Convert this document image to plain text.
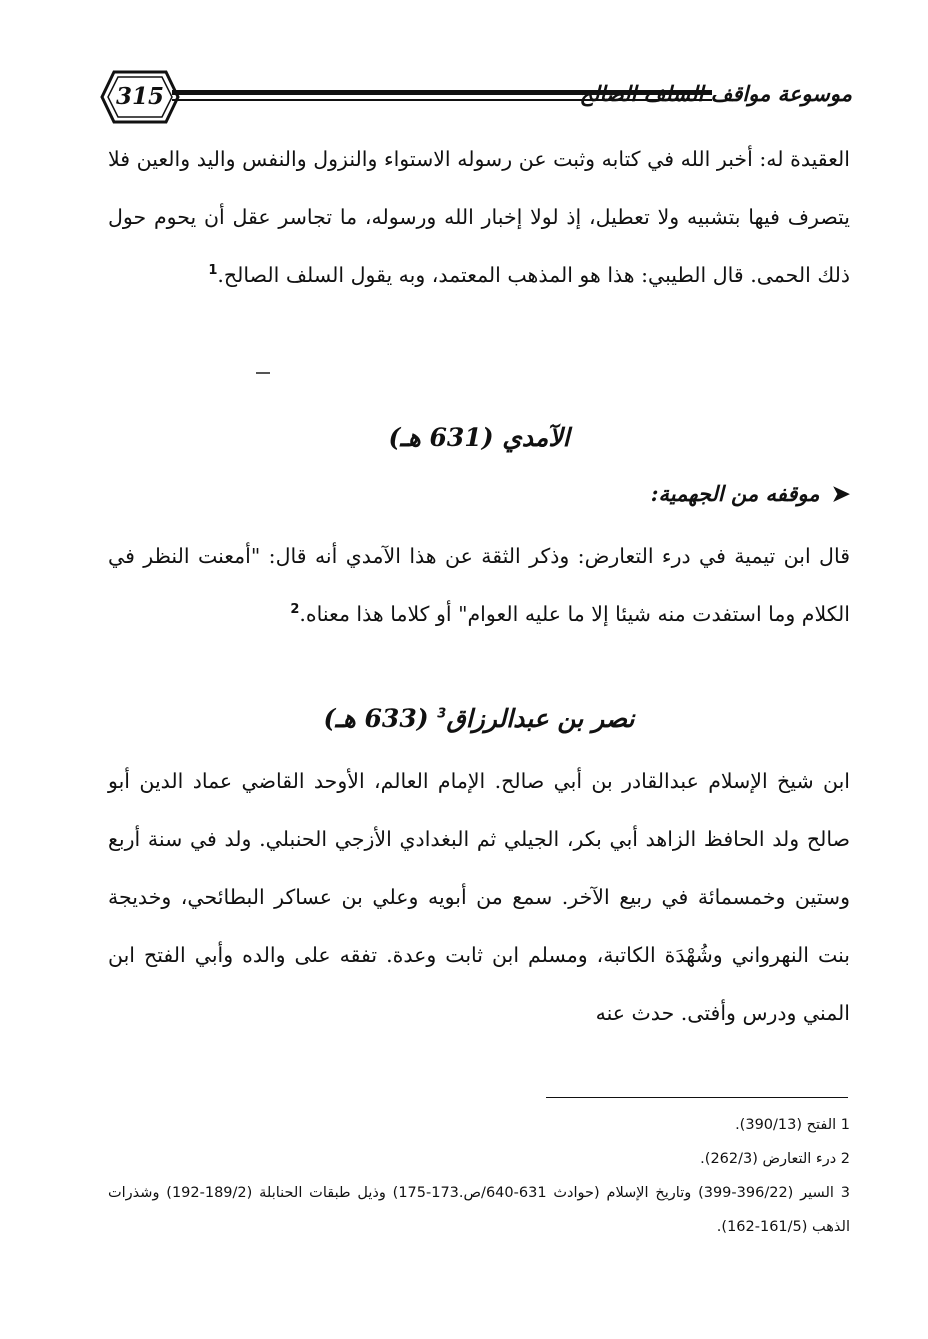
315	موسوعة مواقف السلف الصالح
العقيدة له: أخبر الله في كتابه وثبت عن رسوله الاستواء والنزول والنفس واليد والعين فلا يتصرف فيها بتشبيه ولا تعطيل، إذ لولا إخبار الله ورسوله، ما تجاسر عقل أن يحوم حول ذلك الحمى. قال الطيبي: هذا هو المذهب المعتمد، وبه يقول السلف الصالح.$^1$
الآمدي (631 هـ)
➤موقفه من الجهمية:
قال ابن تيمية في درء التعارض: وذكر الثقة عن هذا الآمدي أنه قال: "أمعنت النظر في الكلام وما استفدت منه شيئا إلا ما عليه العوام" أو كلاما هذا معناه.$^2$
نصر بن عبدالرزاق$^3$ (633 هـ)
ابن شيخ الإسلام عبدالقادر بن أبي صالح. الإمام العالم، الأوحد القاضي عماد الدين أبو صالح ولد الحافظ الزاهد أبي بكر، الجيلي ثم البغدادي الأزجي الحنبلي. ولد في سنة أربع وستين وخمسمائة في ربيع الآخر. سمع من أبويه وعلي بن عساكر البطائحي، وخديجة بنت النهرواني وشُهْدَة الكاتبة، ومسلم ابن ثابت وعدة. تفقه على والده وأبي الفتح ابن المني ودرس وأفتى. حدث عنه
1 الفتح (390/13).
2 درء التعارض (262/3).
3 السير (396/22-399) وتاريخ الإسلام (حوادث 631-640/ص.173-175) وذيل طبقات الحنابلة (189/2-192) وشذرات الذهب (161/5-162).
